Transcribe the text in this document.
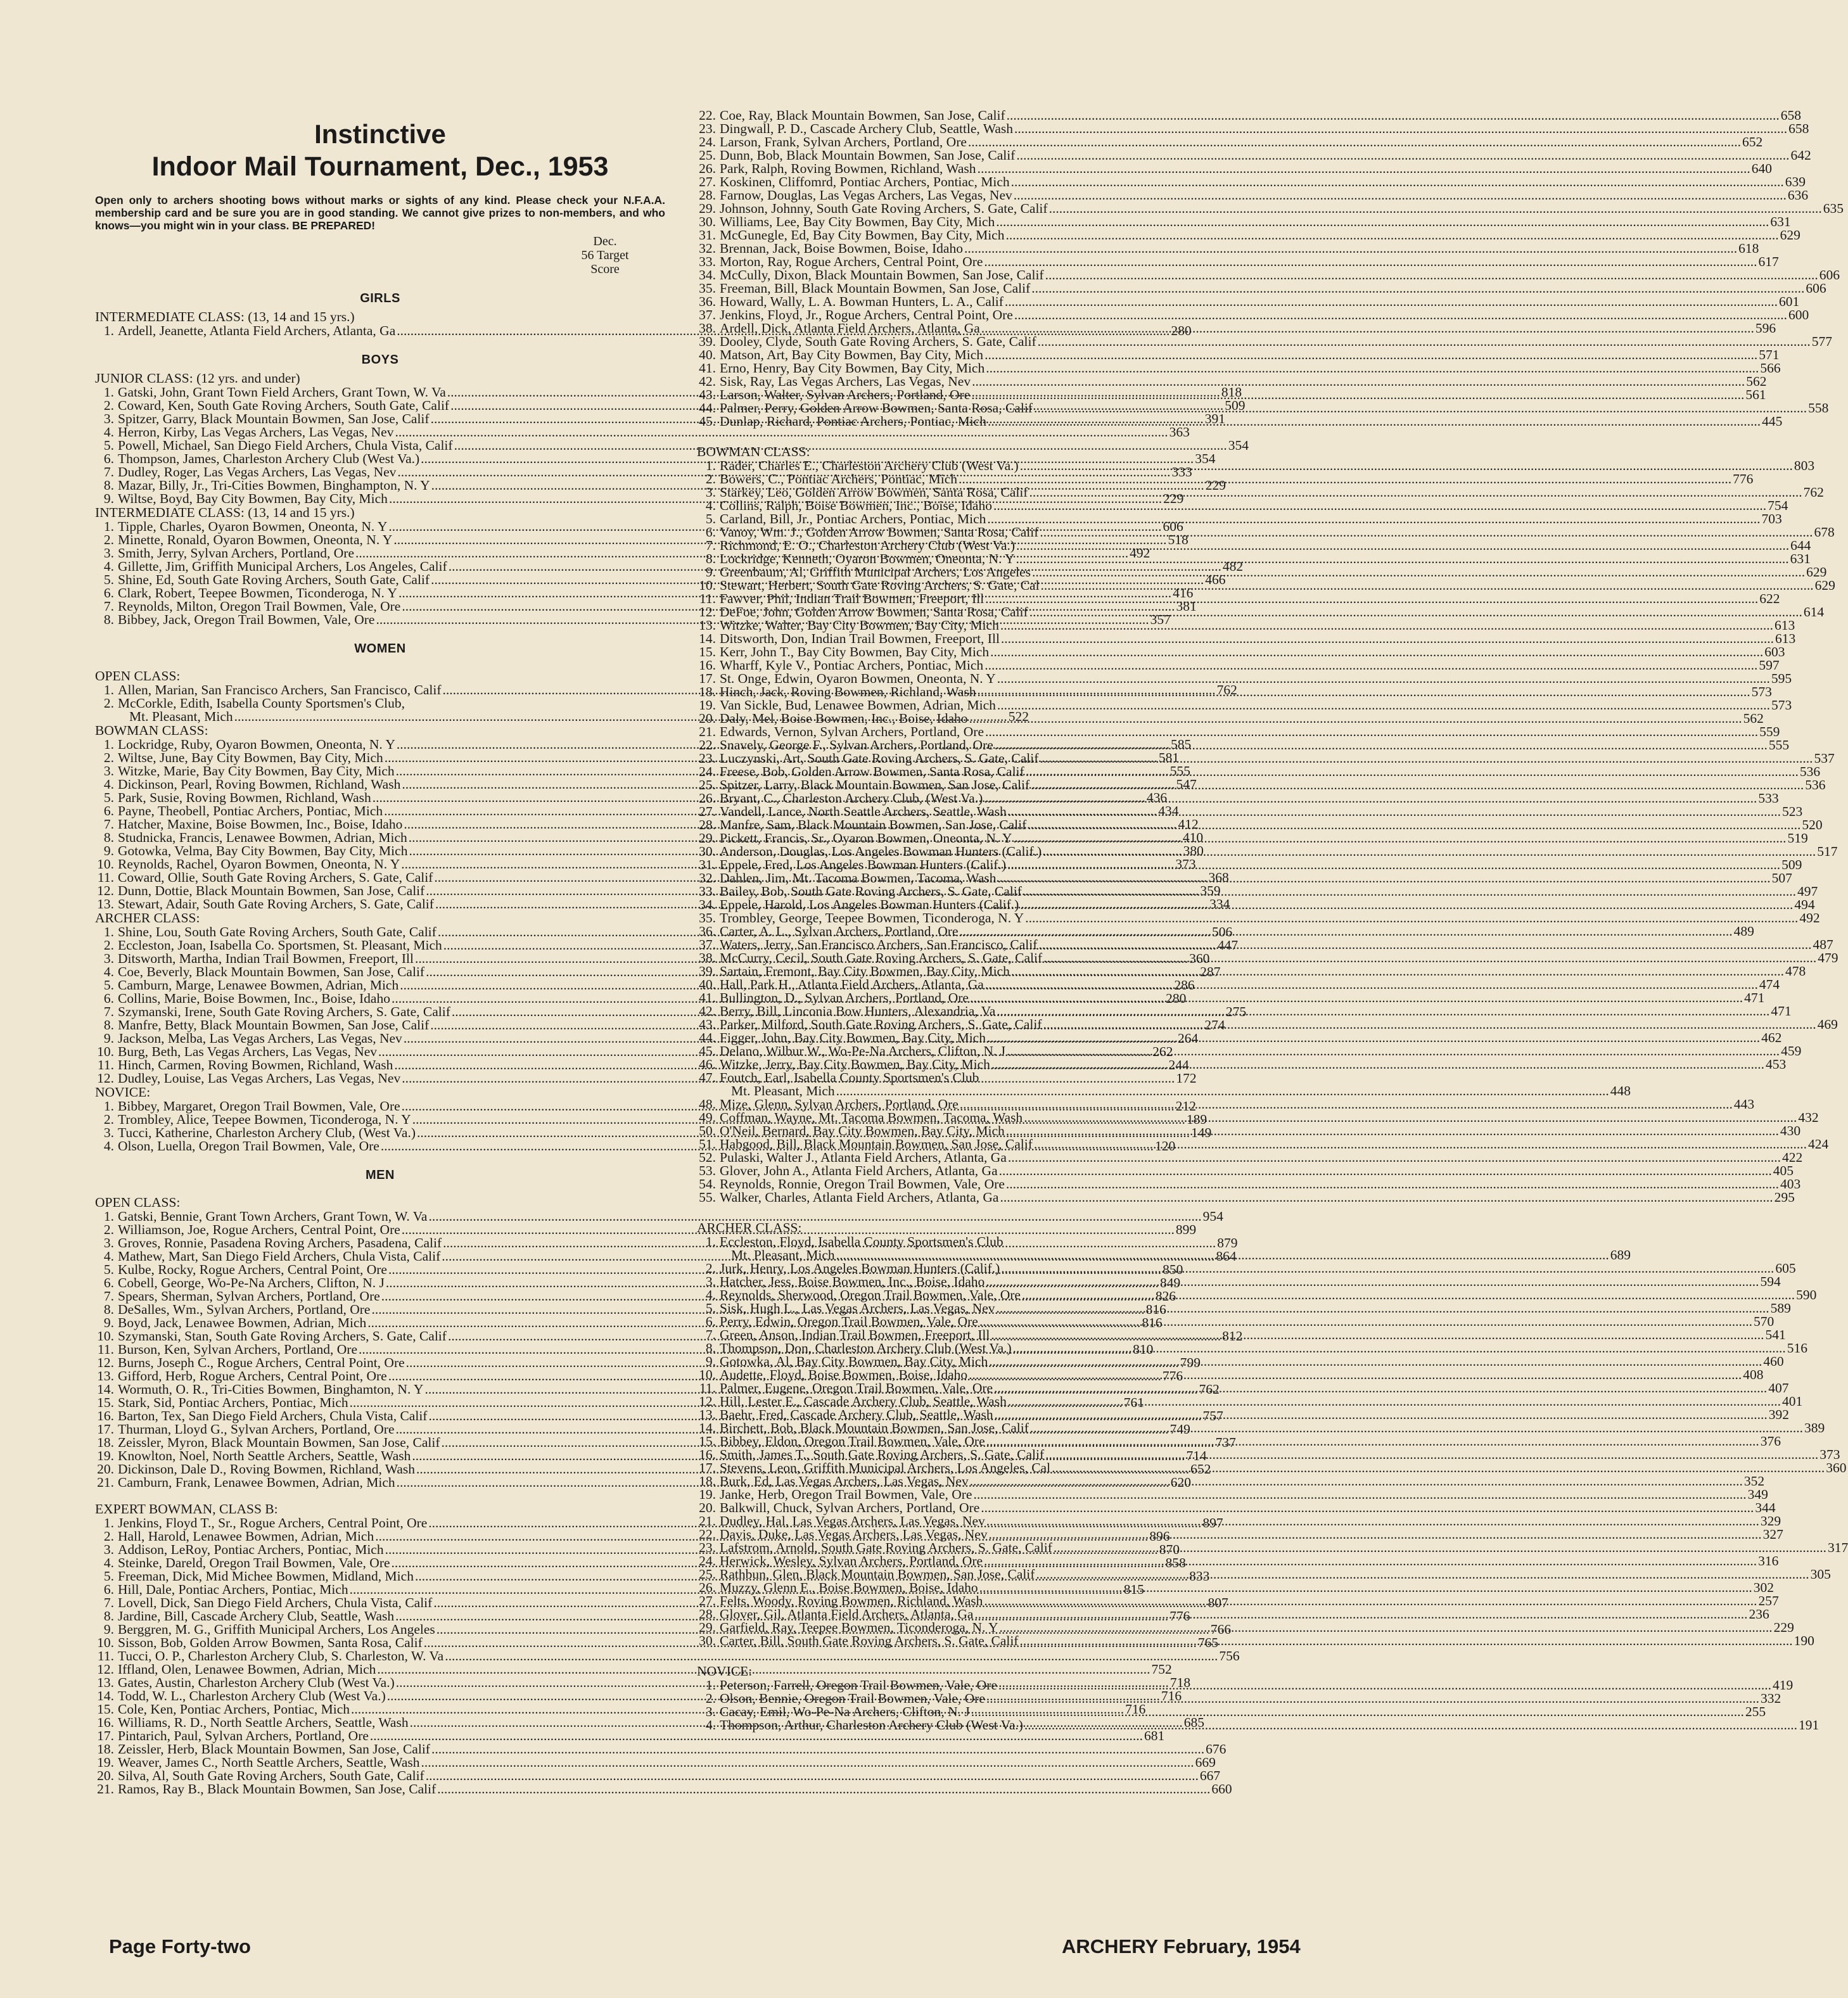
Instinctive
Indoor Mail Tournament, Dec., 1953
Open only to archers shooting bows without marks or sights of any kind. Please check your N.F.A.A. membership card and be sure you are in good standing. We cannot give prizes to non-members, and who knows—you might win in your class. BE PREPARED!
Dec.
56 Target
Score
GIRLS
INTERMEDIATE CLASS: (13, 14 and 15 yrs.)
1. Ardell, Jeanette, Atlanta Field Archers, Atlanta, Ga .....	280
BOYS
JUNIOR CLASS: (12 yrs. and under)
1. Gatski, John, Grant Town Field Archers, Grant Town, W. Va .....	818
2. Coward, Ken, South Gate Roving Archers, South Gate, Calif .....	509
3. Spitzer, Garry, Black Mountain Bowmen, San Jose, Calif .....	391
4. Herron, Kirby, Las Vegas Archers, Las Vegas, Nev .....	363
5. Powell, Michael, San Diego Field Archers, Chula Vista, Calif .....	354
6. Thompson, James, Charleston Archery Club (West Va.) .....	354
7. Dudley, Roger, Las Vegas Archers, Las Vegas, Nev .....	333
8. Mazar, Billy, Jr., Tri-Cities Bowmen, Binghampton, N. Y .....	229
9. Wiltse, Boyd, Bay City Bowmen, Bay City, Mich .....	229
INTERMEDIATE CLASS: (13, 14 and 15 yrs.)
1. Tipple, Charles, Oyaron Bowmen, Oneonta, N. Y .....	606
2. Minette, Ronald, Oyaron Bowmen, Oneonta, N. Y .....	518
3. Smith, Jerry, Sylvan Archers, Portland, Ore .....	492
4. Gillette, Jim, Griffith Municipal Archers, Los Angeles, Calif .....	482
5. Shine, Ed, South Gate Roving Archers, South Gate, Calif .....	466
6. Clark, Robert, Teepee Bowmen, Ticonderoga, N. Y .....	416
7. Reynolds, Milton, Oregon Trail Bowmen, Vale, Ore .....	381
8. Bibbey, Jack, Oregon Trail Bowmen, Vale, Ore .....	357
WOMEN
OPEN CLASS:
1. Allen, Marian, San Francisco Archers, San Francisco, Calif .....	762
2. McCorkle, Edith, Isabella County Sportsmen's Club,
Mt. Pleasant, Mich .....	522
BOWMAN CLASS:
1. Lockridge, Ruby, Oyaron Bowmen, Oneonta, N. Y .....	585
2. Wiltse, June, Bay City Bowmen, Bay City, Mich .....	581
3. Witzke, Marie, Bay City Bowmen, Bay City, Mich .....	555
4. Dickinson, Pearl, Roving Bowmen, Richland, Wash .....	547
5. Park, Susie, Roving Bowmen, Richland, Wash .....	436
6. Payne, Theobell, Pontiac Archers, Pontiac, Mich .....	434
7. Hatcher, Maxine, Boise Bowmen, Inc., Boise, Idaho .....	412
8. Studnicka, Francis, Lenawee Bowmen, Adrian, Mich .....	410
9. Gotowka, Velma, Bay City Bowmen, Bay City, Mich .....	380
10. Reynolds, Rachel, Oyaron Bowmen, Oneonta, N. Y .....	373
11. Coward, Ollie, South Gate Roving Archers, S. Gate, Calif .....	368
12. Dunn, Dottie, Black Mountain Bowmen, San Jose, Calif .....	359
13. Stewart, Adair, South Gate Roving Archers, S. Gate, Calif .....	334
ARCHER CLASS:
1. Shine, Lou, South Gate Roving Archers, South Gate, Calif .....	506
2. Eccleston, Joan, Isabella Co. Sportsmen, St. Pleasant, Mich .....	447
3. Ditsworth, Martha, Indian Trail Bowmen, Freeport, Ill .....	360
4. Coe, Beverly, Black Mountain Bowmen, San Jose, Calif .....	287
5. Camburn, Marge, Lenawee Bowmen, Adrian, Mich .....	286
6. Collins, Marie, Boise Bowmen, Inc., Boise, Idaho .....	280
7. Szymanski, Irene, South Gate Roving Archers, S. Gate, Calif .....	275
8. Manfre, Betty, Black Mountain Bowmen, San Jose, Calif .....	274
9. Jackson, Melba, Las Vegas Archers, Las Vegas, Nev .....	264
10. Burg, Beth, Las Vegas Archers, Las Vegas, Nev .....	262
11. Hinch, Carmen, Roving Bowmen, Richland, Wash .....	244
12. Dudley, Louise, Las Vegas Archers, Las Vegas, Nev .....	172
NOVICE:
1. Bibbey, Margaret, Oregon Trail Bowmen, Vale, Ore .....	212
2. Trombley, Alice, Teepee Bowmen, Ticonderoga, N. Y .....	189
3. Tucci, Katherine, Charleston Archery Club, (West Va.) .....	149
4. Olson, Luella, Oregon Trail Bowmen, Vale, Ore .....	120
MEN
OPEN CLASS:
1. Gatski, Bennie, Grant Town Archers, Grant Town, W. Va .....	954
2. Williamson, Joe, Rogue Archers, Central Point, Ore .....	899
3. Groves, Ronnie, Pasadena Roving Archers, Pasadena, Calif .....	879
4. Mathew, Mart, San Diego Field Archers, Chula Vista, Calif .....	864
5. Kulbe, Rocky, Rogue Archers, Central Point, Ore .....	850
6. Cobell, George, Wo-Pe-Na Archers, Clifton, N. J .....	849
7. Spears, Sherman, Sylvan Archers, Portland, Ore .....	826
8. DeSalles, Wm., Sylvan Archers, Portland, Ore .....	816
9. Boyd, Jack, Lenawee Bowmen, Adrian, Mich .....	816
10. Szymanski, Stan, South Gate Roving Archers, S. Gate, Calif .....	812
11. Burson, Ken, Sylvan Archers, Portland, Ore .....	810
12. Burns, Joseph C., Rogue Archers, Central Point, Ore .....	799
13. Gifford, Herb, Rogue Archers, Central Point, Ore .....	776
14. Wormuth, O. R., Tri-Cities Bowmen, Binghamton, N. Y .....	762
15. Stark, Sid, Pontiac Archers, Pontiac, Mich .....	761
16. Barton, Tex, San Diego Field Archers, Chula Vista, Calif .....	757
17. Thurman, Lloyd G., Sylvan Archers, Portland, Ore .....	749
18. Zeissler, Myron, Black Mountain Bowmen, San Jose, Calif .....	737
19. Knowlton, Noel, North Seattle Archers, Seattle, Wash .....	714
20. Dickinson, Dale D., Roving Bowmen, Richland, Wash .....	652
21. Camburn, Frank, Lenawee Bowmen, Adrian, Mich .....	620
EXPERT BOWMAN, CLASS B:
1. Jenkins, Floyd T., Sr., Rogue Archers, Central Point, Ore .....	897
2. Hall, Harold, Lenawee Bowmen, Adrian, Mich .....	896
3. Addison, LeRoy, Pontiac Archers, Pontiac, Mich .....	870
4. Steinke, Dareld, Oregon Trail Bowmen, Vale, Ore .....	858
5. Freeman, Dick, Mid Michee Bowmen, Midland, Mich .....	833
6. Hill, Dale, Pontiac Archers, Pontiac, Mich .....	815
7. Lovell, Dick, San Diego Field Archers, Chula Vista, Calif .....	807
8. Jardine, Bill, Cascade Archery Club, Seattle, Wash .....	776
9. Berggren, M. G., Griffith Municipal Archers, Los Angeles .....	766
10. Sisson, Bob, Golden Arrow Bowmen, Santa Rosa, Calif .....	765
11. Tucci, O. P., Charleston Archery Club, S. Charleston, W. Va .....	756
12. Iffland, Olen, Lenawee Bowmen, Adrian, Mich .....	752
13. Gates, Austin, Charleston Archery Club (West Va.) .....	718
14. Todd, W. L., Charleston Archery Club (West Va.) .....	716
15. Cole, Ken, Pontiac Archers, Pontiac, Mich .....	716
16. Williams, R. D., North Seattle Archers, Seattle, Wash .....	685
17. Pintarich, Paul, Sylvan Archers, Portland, Ore .....	681
18. Zeissler, Herb, Black Mountain Bowmen, San Jose, Calif .....	676
19. Weaver, James C., North Seattle Archers, Seattle, Wash .....	669
20. Silva, Al, South Gate Roving Archers, South Gate, Calif .....	667
21. Ramos, Ray B., Black Mountain Bowmen, San Jose, Calif .....	660
22. Coe, Ray, Black Mountain Bowmen, San Jose, Calif .....	658
23. Dingwall, P. D., Cascade Archery Club, Seattle, Wash .....	658
24. Larson, Frank, Sylvan Archers, Portland, Ore .....	652
25. Dunn, Bob, Black Mountain Bowmen, San Jose, Calif .....	642
26. Park, Ralph, Roving Bowmen, Richland, Wash .....	640
27. Koskinen, Cliffomrd, Pontiac Archers, Pontiac, Mich .....	639
28. Farnow, Douglas, Las Vegas Archers, Las Vegas, Nev .....	636
29. Johnson, Johnny, South Gate Roving Archers, S. Gate, Calif .....	635
30. Williams, Lee, Bay City Bowmen, Bay City, Mich .....	631
31. McGunegle, Ed, Bay City Bowmen, Bay City, Mich .....	629
32. Brennan, Jack, Boise Bowmen, Boise, Idaho .....	618
33. Morton, Ray, Rogue Archers, Central Point, Ore .....	617
34. McCully, Dixon, Black Mountain Bowmen, San Jose, Calif .....	606
35. Freeman, Bill, Black Mountain Bowmen, San Jose, Calif .....	606
36. Howard, Wally, L. A. Bowman Hunters, L. A., Calif .....	601
37. Jenkins, Floyd, Jr., Rogue Archers, Central Point, Ore .....	600
38. Ardell, Dick, Atlanta Field Archers, Atlanta, Ga .....	596
39. Dooley, Clyde, South Gate Roving Archers, S. Gate, Calif .....	577
40. Matson, Art, Bay City Bowmen, Bay City, Mich .....	571
41. Erno, Henry, Bay City Bowmen, Bay City, Mich .....	566
42. Sisk, Ray, Las Vegas Archers, Las Vegas, Nev .....	562
43. Larson, Walter, Sylvan Archers, Portland, Ore .....	561
44. Palmer, Perry, Golden Arrow Bowmen, Santa Rosa, Calif .....	558
45. Dunlap, Richard, Pontiac Archers, Pontiac, Mich .....	445
BOWMAN CLASS:
1. Rader, Charles E., Charleston Archery Club (West Va.) .....	803
2. Bowers, C., Pontiac Archers, Pontiac, Mich .....	776
3. Starkey, Leo, Golden Arrow Bowmen, Santa Rosa, Calif .....	762
4. Collins, Ralph, Boise Bowmen, Inc., Boise, Idaho .....	754
5. Carland, Bill, Jr., Pontiac Archers, Pontiac, Mich .....	703
6. Vanoy, Wm. J., Golden Arrow Bowmen, Santa Rosa, Calif .....	678
7. Richmond, E. O., Charleston Archery Club (West Va.) .....	644
8. Lockridge, Kenneth, Oyaron Bowmen, Oneonta, N. Y .....	631
9. Greenbaum, Al, Griffith Municipal Archers, Los Angeles .....	629
10. Stewart, Herbert, South Gate Roving Archers, S. Gate, Cal .....	629
11. Fawver, Phil, Indian Trail Bowmen, Freeport, Ill .....	622
12. DeFoe, John, Golden Arrow Bowmen, Santa Rosa, Calif .....	614
13. Witzke, Walter, Bay City Bowmen, Bay City, Mich .....	613
14. Ditsworth, Don, Indian Trail Bowmen, Freeport, Ill .....	613
15. Kerr, John T., Bay City Bowmen, Bay City, Mich .....	603
16. Wharff, Kyle V., Pontiac Archers, Pontiac, Mich .....	597
17. St. Onge, Edwin, Oyaron Bowmen, Oneonta, N. Y .....	595
18. Hinch, Jack, Roving Bowmen, Richland, Wash .....	573
19. Van Sickle, Bud, Lenawee Bowmen, Adrian, Mich .....	573
20. Daly, Mel, Boise Bowmen, Inc., Boise, Idaho .....	562
21. Edwards, Vernon, Sylvan Archers, Portland, Ore .....	559
22. Snavely, George F., Sylvan Archers, Portland, Ore .....	555
23. Luczynski, Art, South Gate Roving Archers, S. Gate, Calif .....	537
24. Freese, Bob, Golden Arrow Bowmen, Santa Rosa, Calif .....	536
25. Spitzer, Larry, Black Mountain Bowmen, San Jose, Calif .....	536
26. Bryant, C., Charleston Archery Club, (West Va.) .....	533
27. Vandell, Lance, North Seattle Archers, Seattle, Wash .....	523
28. Manfre, Sam, Black Mountain Bowmen, San Jose, Calif .....	520
29. Pickett, Francis, Sr., Oyaron Bowmen, Oneonta, N. Y .....	519
30. Anderson, Douglas, Los Angeles Bowman Hunters (Calif.) .....	517
31. Eppele, Fred, Los Angeles Bowman Hunters (Calif.) .....	509
32. Dahlen, Jim, Mt. Tacoma Bowmen, Tacoma, Wash .....	507
33. Bailey, Bob, South Gate Roving Archers, S. Gate, Calif .....	497
34. Eppele, Harold, Los Angeles Bowman Hunters (Calif.) .....	494
35. Trombley, George, Teepee Bowmen, Ticonderoga, N. Y .....	492
36. Carter, A. L., Sylvan Archers, Portland, Ore .....	489
37. Waters, Jerry, San Francisco Archers, San Francisco, Calif .....	487
38. McCurry, Cecil, South Gate Roving Archers, S. Gate, Calif .....	479
39. Sartain, Fremont, Bay City Bowmen, Bay City, Mich .....	478
40. Hall, Park H., Atlanta Field Archers, Atlanta, Ga .....	474
41. Bullington, D., Sylvan Archers, Portland, Ore .....	471
42. Berry, Bill, Linconia Bow Hunters, Alexandria, Va .....	471
43. Parker, Milford, South Gate Roving Archers, S. Gate, Calif .....	469
44. Figger, John, Bay City Bowmen, Bay City, Mich .....	462
45. Delano, Wilbur W., Wo-Pe-Na Archers, Clifton, N. J .....	459
46. Witzke, Jerry, Bay City Bowmen, Bay City, Mich .....	453
47. Foutch, Earl, Isabella County Sportsmen's Club
Mt. Pleasant, Mich .....	448
48. Mize, Glenn, Sylvan Archers, Portland, Ore .....	443
49. Coffman, Wayne, Mt. Tacoma Bowmen, Tacoma, Wash .....	432
50. O'Neil, Bernard, Bay City Bowmen, Bay City, Mich .....	430
51. Habgood, Bill, Black Mountain Bowmen, San Jose, Calif .....	424
52. Pulaski, Walter J., Atlanta Field Archers, Atlanta, Ga .....	422
53. Glover, John A., Atlanta Field Archers, Atlanta, Ga .....	405
54. Reynolds, Ronnie, Oregon Trail Bowmen, Vale, Ore .....	403
55. Walker, Charles, Atlanta Field Archers, Atlanta, Ga .....	295
ARCHER CLASS:
1. Eccleston, Floyd, Isabella County Sportsmen's Club
Mt. Pleasant, Mich .....	689
2. Jurk, Henry, Los Angeles Bowman Hunters (Calif.) .....	605
3. Hatcher, Jess, Boise Bowmen, Inc., Boise, Idaho .....	594
4. Reynolds, Sherwood, Oregon Trail Bowmen, Vale, Ore .....	590
5. Sisk, Hugh L., Las Vegas Archers, Las Vegas, Nev .....	589
6. Perry, Edwin, Oregon Trail Bowmen, Vale, Ore .....	570
7. Green, Anson, Indian Trail Bowmen, Freeport, Ill .....	541
8. Thompson, Don, Charleston Archery Club (West Va.) .....	516
9. Gotowka, Al, Bay City Bowmen, Bay City, Mich .....	460
10. Audette, Floyd, Boise Bowmen, Boise, Idaho .....	408
11. Palmer, Eugene, Oregon Trail Bowmen, Vale, Ore .....	407
12. Hill, Lester E., Cascade Archery Club, Seattle, Wash .....	401
13. Baehr, Fred, Cascade Archery Club, Seattle, Wash .....	392
14. Birchett, Bob, Black Mountain Bowmen, San Jose, Calif .....	389
15. Bibbey, Eldon, Oregon Trail Bowmen, Vale, Ore .....	376
16. Smith, James T., South Gate Roving Archers, S. Gate, Calif .....	373
17. Stevens, Leon, Griffith Municipal Archers, Los Angeles, Cal .....	360
18. Burk, Ed, Las Vegas Archers, Las Vegas, Nev .....	352
19. Janke, Herb, Oregon Trail Bowmen, Vale, Ore .....	349
20. Balkwill, Chuck, Sylvan Archers, Portland, Ore .....	344
21. Dudley, Hal, Las Vegas Archers, Las Vegas, Nev .....	329
22. Davis, Duke, Las Vegas Archers, Las Vegas, Nev .....	327
23. Lafstrom, Arnold, South Gate Roving Archers, S. Gate, Calif .....	317
24. Herwick, Wesley, Sylvan Archers, Portland, Ore .....	316
25. Rathbun, Glen, Black Mountain Bowmen, San Jose, Calif .....	305
26. Muzzy, Glenn E., Boise Bowmen, Boise, Idaho .....	302
27. Felts, Woody, Roving Bowmen, Richland, Wash .....	257
28. Glover, Gil, Atlanta Field Archers, Atlanta, Ga .....	236
29. Garfield, Ray, Teepee Bowmen, Ticonderoga, N. Y .....	229
30. Carter, Bill, South Gate Roving Archers, S. Gate, Calif .....	190
NOVICE:
1. Peterson, Farrell, Oregon Trail Bowmen, Vale, Ore .....	419
2. Olson, Bennie, Oregon Trail Bowmen, Vale, Ore .....	332
3. Cacay, Emil, Wo-Pe-Na Archers, Clifton, N. J .....	255
4. Thompson, Arthur, Charleston Archery Club (West Va.) .....	191
Page Forty-two	ARCHERY February, 1954
